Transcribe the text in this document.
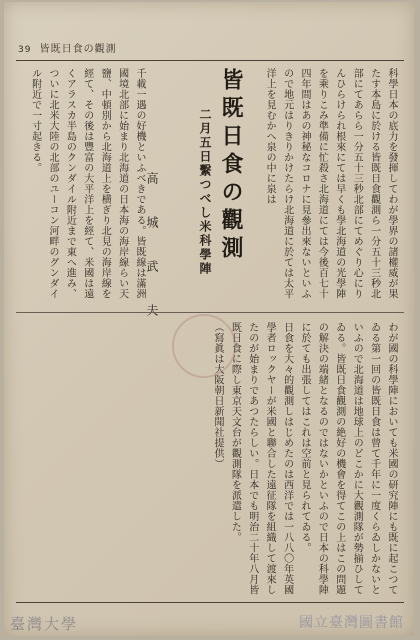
39 皆既日食の觀測

科學日本の底力を發揮してわが學界の諸權威が果たす本島に於ける皆既日食觀測ら一分五十三秒北部にてあらら一分五十三秒北部にてめぐり心にりんひらけられ根來にては早くも學北海道の光學陣を乘りこみ準備に忙殺さ北海道にては今後百七十四年間はあの神秘なコロナに見參出來ないといふので地元はりきりかけたらけ北海道に於ては太平洋上を見むかへ泉の中に泉は

皆既日食の觀測
二月五日繫つべし米科學陣
高　城　武　夫

千載一遇の好機といふべきである。皆既線は滿洲國境北部に始まり北海道の日本海の海岸線らい天鹽、中頓別から北海道上を横ぎり北見の海岸線を經て、その後は豐富の大平洋上を經て、米國は遠くアラスカ半島のクンダイル附近まで東へ進み、ついに北米大陸の北部のユーコン河畔のグンダイル附近で一寸起きる。

わが國の科學陣においても米國の研究陣にも既に起こつてゐる第一回の皆既日食は曾て千年に一度くらゐしかないといふので北海道は地球上のどこかに大觀測隊が勢揃ひしてゐる。皆既日食觀測の絶好の機會を得てこの上はこの問題の解決の端緒となるのではないかといふので日本の科學陣に於ても出張してはこれは空前と見られてゐる。

日食を大々的觀測しはじめたのは西洋では一八八〇年英國學者ロックヤーが米國と聯合した遠征隊を組織して渡來したのが始まりであつたらしい。日本でも明治二十年八月皆既日食に際し東京天文台が觀測隊を派遣した。

（寫眞は大阪朝日新聞社提供）

國立臺灣圖書館
臺灣大學
